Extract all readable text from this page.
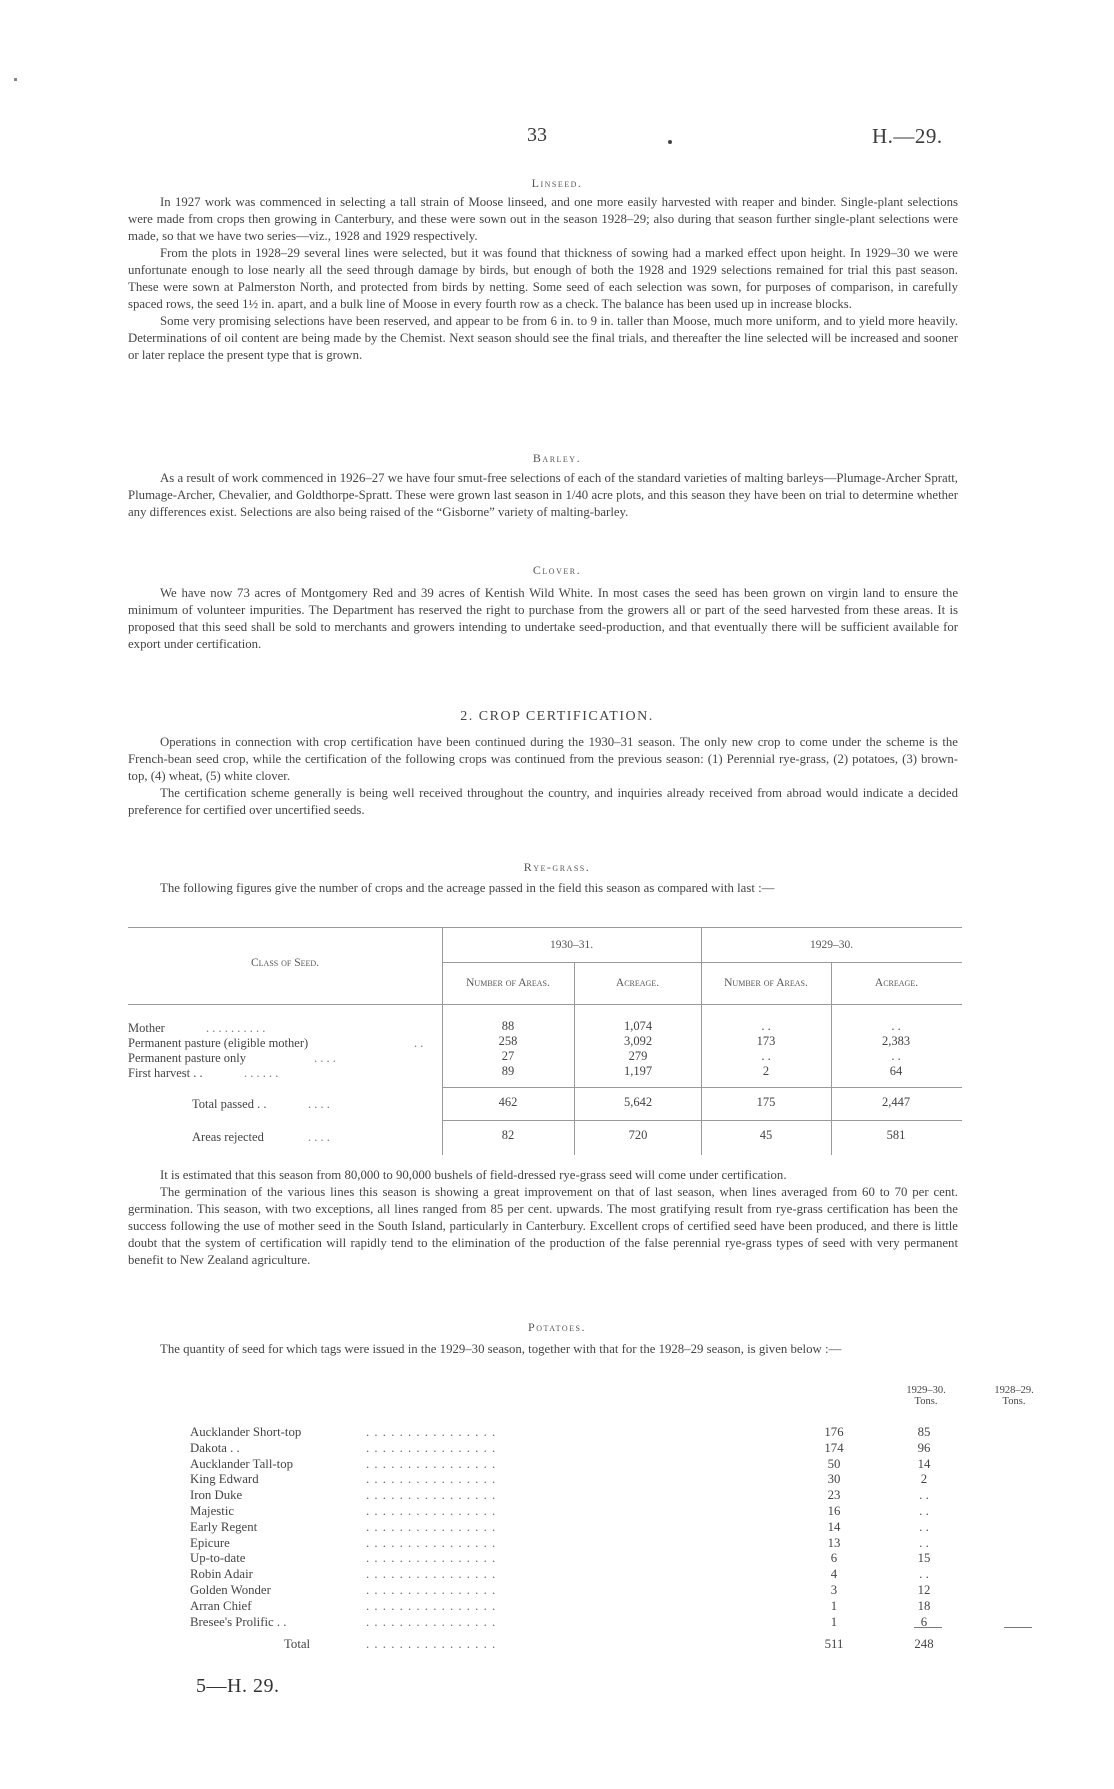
33	H.—29.
Linseed.

In 1927 work was commenced in selecting a tall strain of Moose linseed, and one more easily harvested with reaper and binder. Single-plant selections were made from crops then growing in Canterbury, and these were sown out in the season 1928–29; also during that season further single-plant selections were made, so that we have two series—viz., 1928 and 1929 respectively.

From the plots in 1928–29 several lines were selected, but it was found that thickness of sowing had a marked effect upon height. In 1929–30 we were unfortunate enough to lose nearly all the seed through damage by birds, but enough of both the 1928 and 1929 selections remained for trial this past season. These were sown at Palmerston North, and protected from birds by netting. Some seed of each selection was sown, for purposes of comparison, in carefully spaced rows, the seed 1½ in. apart, and a bulk line of Moose in every fourth row as a check. The balance has been used up in increase blocks.

Some very promising selections have been reserved, and appear to be from 6 in. to 9 in. taller than Moose, much more uniform, and to yield more heavily. Determinations of oil content are being made by the Chemist. Next season should see the final trials, and thereafter the line selected will be increased and sooner or later replace the present type that is grown.

Barley.

As a result of work commenced in 1926–27 we have four smut-free selections of each of the standard varieties of malting barleys—Plumage-Archer Spratt, Plumage-Archer, Chevalier, and Goldthorpe-Spratt. These were grown last season in 1/40 acre plots, and this season they have been on trial to determine whether any differences exist. Selections are also being raised of the “Gisborne” variety of malting-barley.

Clover.

We have now 73 acres of Montgomery Red and 39 acres of Kentish Wild White. In most cases the seed has been grown on virgin land to ensure the minimum of volunteer impurities. The Department has reserved the right to purchase from the growers all or part of the seed harvested from these areas. It is proposed that this seed shall be sold to merchants and growers intending to undertake seed-production, and that eventually there will be sufficient available for export under certification.

2. CROP CERTIFICATION.

Operations in connection with crop certification have been continued during the 1930–31 season. The only new crop to come under the scheme is the French-bean seed crop, while the certification of the following crops was continued from the previous season: (1) Perennial rye-grass, (2) potatoes, (3) brown-top, (4) wheat, (5) white clover.

The certification scheme generally is being well received throughout the country, and inquiries already received from abroad would indicate a decided preference for certified over uncertified seeds.

Rye-grass.

The following figures give the number of crops and the acreage passed in the field this season as compared with last :—

Class of Seed.
1930–31.	1929–30.
Number of Areas.	Acreage.	Number of Areas.	Acreage.
Mother	. . . . . . . . . .	88	1,074	. .	. .
Permanent pasture (eligible mother)	. .	258	3,092	173	2,383
Permanent pasture only	. . . .	27	279	. .	. .
First harvest . .	. . . . . .	89	1,197	2	64
Total passed . .	. . . .	462	5,642	175	2,447
Areas rejected	. . . .	82	720	45	581

It is estimated that this season from 80,000 to 90,000 bushels of field-dressed rye-grass seed will come under certification.

The germination of the various lines this season is showing a great improvement on that of last season, when lines averaged from 60 to 70 per cent. germination. This season, with two exceptions, all lines ranged from 85 per cent. upwards. The most gratifying result from rye-grass certification has been the success following the use of mother seed in the South Island, particularly in Canterbury. Excellent crops of certified seed have been produced, and there is little doubt that the system of certification will rapidly tend to the elimination of the production of the false perennial rye-grass types of seed with very permanent benefit to New Zealand agriculture.

Potatoes.

The quantity of seed for which tags were issued in the 1929–30 season, together with that for the 1928–29 season, is given below :—

1929–30.
Tons.
1928–29.
Tons.
Aucklander Short-top	. . . . . . . . . . . . . . . .	176	85
Dakota . .	. . . . . . . . . . . . . . . .	174	96
Aucklander Tall-top	. . . . . . . . . . . . . . . .	50	14
King Edward	. . . . . . . . . . . . . . . .	30	2
Iron Duke	. . . . . . . . . . . . . . . .	23	. .
Majestic	. . . . . . . . . . . . . . . .	16	. .
Early Regent	. . . . . . . . . . . . . . . .	14	. .
Epicure	. . . . . . . . . . . . . . . .	13	. .
Up-to-date	. . . . . . . . . . . . . . . .	6	15
Robin Adair	. . . . . . . . . . . . . . . .	4	. .
Golden Wonder	. . . . . . . . . . . . . . . .	3	12
Arran Chief	. . . . . . . . . . . . . . . .	1	18
Bresee's Prolific . .	. . . . . . . . . . . . . . . .	1	6
Total	. . . . . . . . . . . . . . . .	511	248
5—H. 29.
